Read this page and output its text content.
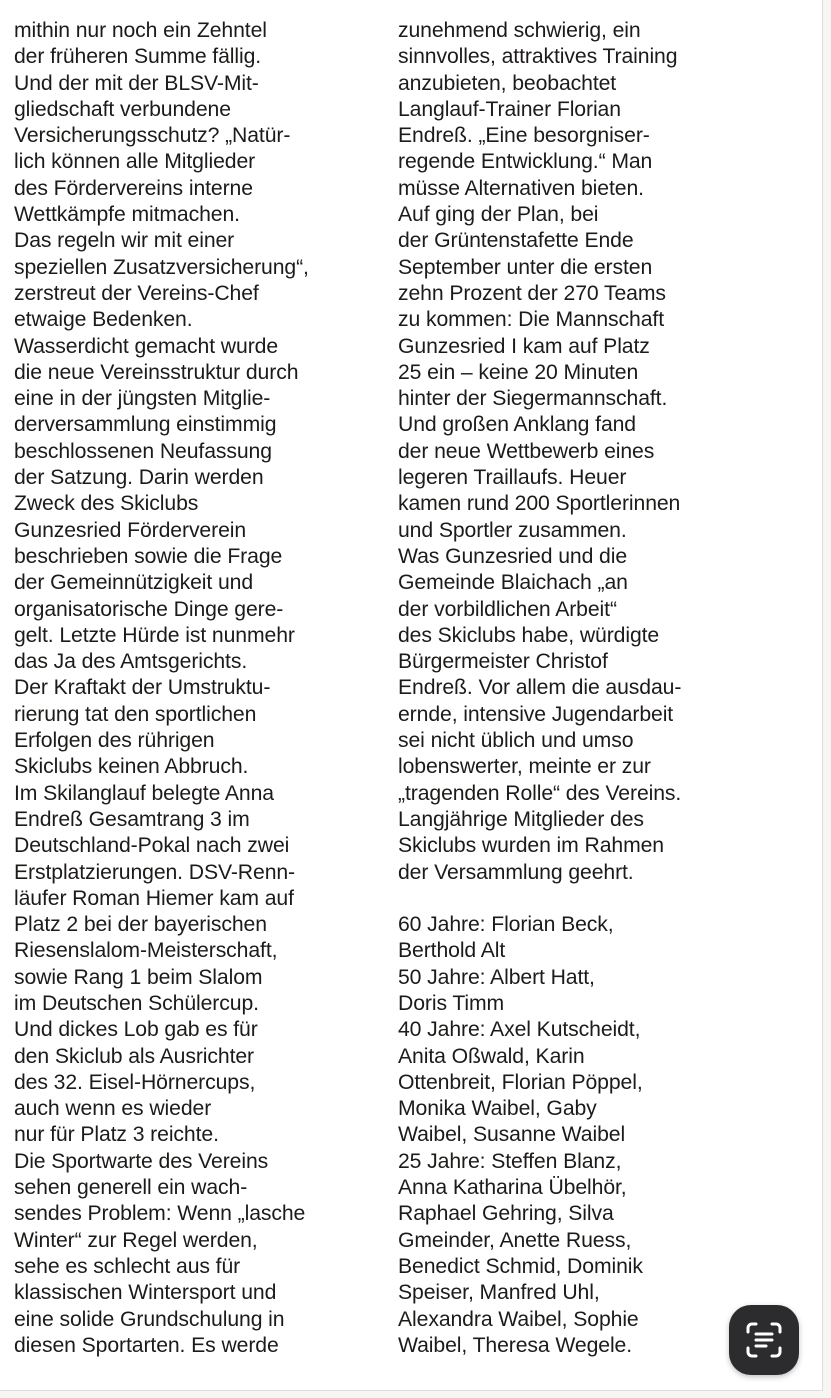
mithin nur noch ein Zehntel
der früheren Summe fällig.
Und der mit der BLSV-Mit-
gliedschaft verbundene
Versicherungsschutz? „Natür-
lich können alle Mitglieder
des Fördervereins interne
Wettkämpfe mitmachen.
Das regeln wir mit einer
speziellen Zusatzversicherung“,
zerstreut der Vereins-Chef
etwaige Bedenken.
Wasserdicht gemacht wurde
die neue Vereinsstruktur durch
eine in der jüngsten Mitglie-
derversammlung einstimmig
beschlossenen Neufassung
der Satzung. Darin werden
Zweck des Skiclubs
Gunzesried Förderverein
beschrieben sowie die Frage
der Gemeinnützigkeit und
organisatorische Dinge gere-
gelt. Letzte Hürde ist nunmehr
das Ja des Amtsgerichts.
Der Kraftakt der Umstruktu-
rierung tat den sportlichen
Erfolgen des rührigen
Skiclubs keinen Abbruch.
Im Skilanglauf belegte Anna
Endreß Gesamtrang 3 im
Deutschland-Pokal nach zwei
Erstplatzierungen. DSV-Renn-
läufer Roman Hiemer kam auf
Platz 2 bei der bayerischen
Riesenslalom-Meisterschaft,
sowie Rang 1 beim Slalom
im Deutschen Schülercup.
Und dickes Lob gab es für
den Skiclub als Ausrichter
des 32. Eisel-Hörnercups,
auch wenn es wieder
nur für Platz 3 reichte.
Die Sportwarte des Vereins
sehen generell ein wach-
sendes Problem: Wenn „lasche
Winter“ zur Regel werden,
sehe es schlecht aus für
klassischen Wintersport und
eine solide Grundschulung in
diesen Sportarten. Es werde
zunehmend schwierig, ein
sinnvolles, attraktives Training
anzubieten, beobachtet
Langlauf-Trainer Florian
Endreß. „Eine besorgniser-
regende Entwicklung.“ Man
müsse Alternativen bieten.
Auf ging der Plan, bei
der Grüntenstafette Ende
September unter die ersten
zehn Prozent der 270 Teams
zu kommen: Die Mannschaft
Gunzesried I kam auf Platz
25 ein – keine 20 Minuten
hinter der Siegermannschaft.
Und großen Anklang fand
der neue Wettbewerb eines
legeren Traillaufs. Heuer
kamen rund 200 Sportlerinnen
und Sportler zusammen.
Was Gunzesried und die
Gemeinde Blaichach „an
der vorbildlichen Arbeit“
des Skiclubs habe, würdigte
Bürgermeister Christof
Endreß. Vor allem die ausdau-
ernde, intensive Jugendarbeit
sei nicht üblich und umso
lobenswerter, meinte er zur
„tragenden Rolle“ des Vereins.
Langjährige Mitglieder des
Skiclubs wurden im Rahmen
der Versammlung geehrt.
60 Jahre: Florian Beck,
Berthold Alt
50 Jahre: Albert Hatt,
Doris Timm
40 Jahre: Axel Kutscheidt,
Anita Oßwald, Karin
Ottenbreit, Florian Pöppel,
Monika Waibel, Gaby
Waibel, Susanne Waibel
25 Jahre: Steffen Blanz,
Anna Katharina Übelhör,
Raphael Gehring, Silva
Gmeinder, Anette Ruess,
Benedict Schmid, Dominik
Speiser, Manfred Uhl,
Alexandra Waibel, Sophie
Waibel, Theresa Wegele.
